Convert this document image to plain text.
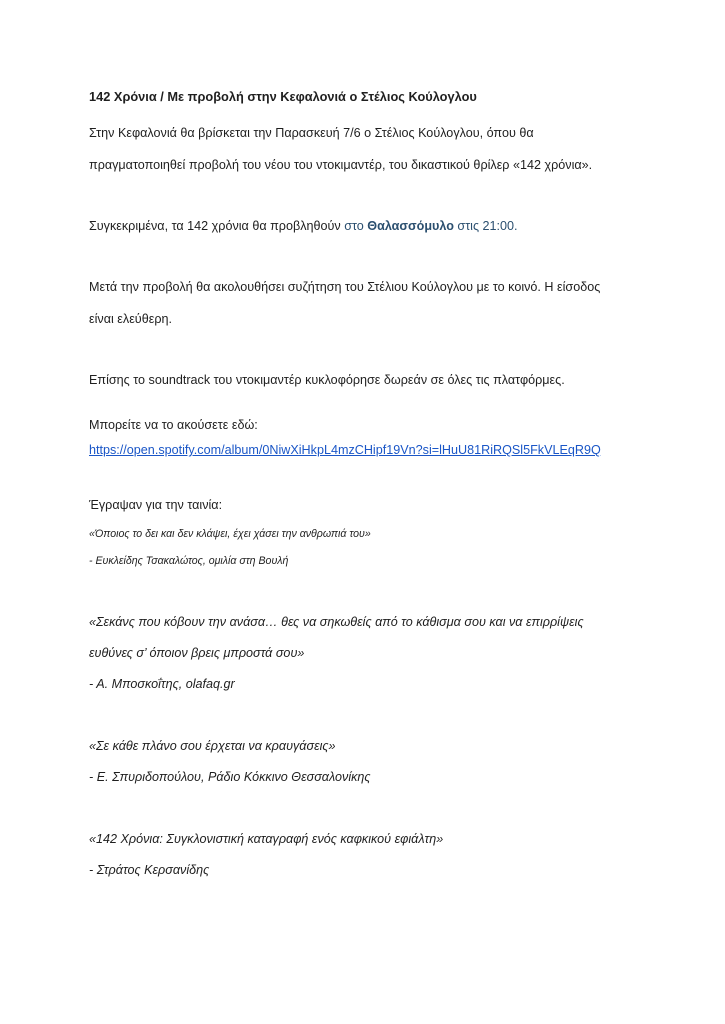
142 Χρόνια / Με προβολή στην Κεφαλονιά ο Στέλιος Κούλογλου

Στην Κεφαλονιά θα βρίσκεται την Παρασκευή 7/6 ο Στέλιος Κούλογλου, όπου θα

πραγματοποιηθεί προβολή του νέου του ντοκιμαντέρ, του δικαστικού θρίλερ «142 χρόνια».

Συγκεκριμένα, τα 142 χρόνια θα προβληθούν στο Θαλασσόμυλο στις 21:00.

Μετά την προβολή θα ακολουθήσει συζήτηση του Στέλιου Κούλογλου με το κοινό. Η είσοδος

είναι ελεύθερη.

Επίσης το soundtrack του ντοκιμαντέρ κυκλοφόρησε δωρεάν σε όλες τις πλατφόρμες.

Μπορείτε να το ακούσετε εδώ:

https://open.spotify.com/album/0NiwXiHkpL4mzCHipf19Vn?si=lHuU81RiRQSl5FkVLEqR9Q

Έγραψαν για την ταινία:

«Όποιος το δει και δεν κλάψει, έχει χάσει την ανθρωπιά του»

- Ευκλείδης Τσακαλώτος, ομιλία στη Βουλή

«Σεκάνς που κόβουν την ανάσα… θες να σηκωθείς από το κάθισμα σου και να επιρρίψεις

ευθύνες σ’ όποιον βρεις μπροστά σου»

- Α. Μποσκοΐτης, olafaq.gr

«Σε κάθε πλάνο σου έρχεται να κραυγάσεις»

- Ε. Σπυριδοπούλου, Ράδιο Κόκκινο Θεσσαλονίκης

«142 Χρόνια: Συγκλονιστική καταγραφή ενός καφκικού εφιάλτη»

- Στράτος Κερσανίδης
